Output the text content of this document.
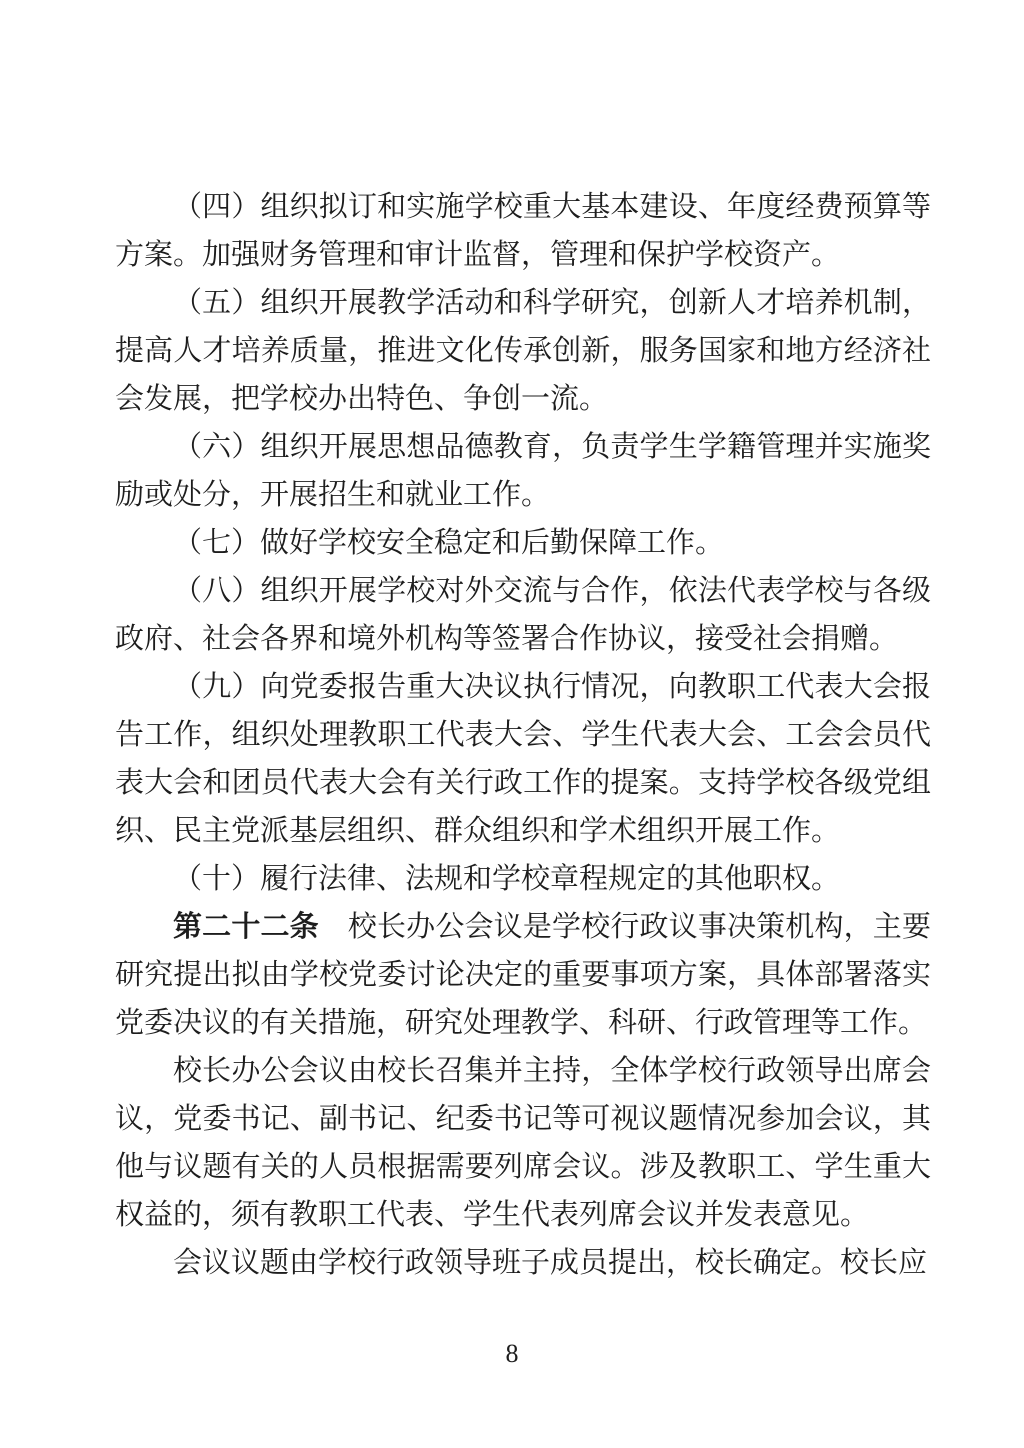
（四）组织拟订和实施学校重大基本建设、年度经费预算等方案。加强财务管理和审计监督，管理和保护学校资产。

（五）组织开展教学活动和科学研究，创新人才培养机制，提高人才培养质量，推进文化传承创新，服务国家和地方经济社会发展，把学校办出特色、争创一流。

（六）组织开展思想品德教育，负责学生学籍管理并实施奖励或处分，开展招生和就业工作。

（七）做好学校安全稳定和后勤保障工作。

（八）组织开展学校对外交流与合作，依法代表学校与各级政府、社会各界和境外机构等签署合作协议，接受社会捐赠。

（九）向党委报告重大决议执行情况，向教职工代表大会报告工作，组织处理教职工代表大会、学生代表大会、工会会员代表大会和团员代表大会有关行政工作的提案。支持学校各级党组织、民主党派基层组织、群众组织和学术组织开展工作。

（十）履行法律、法规和学校章程规定的其他职权。

第二十二条 校长办公会议是学校行政议事决策机构，主要研究提出拟由学校党委讨论决定的重要事项方案，具体部署落实党委决议的有关措施，研究处理教学、科研、行政管理等工作。

校长办公会议由校长召集并主持，全体学校行政领导出席会议，党委书记、副书记、纪委书记等可视议题情况参加会议，其他与议题有关的人员根据需要列席会议。涉及教职工、学生重大权益的，须有教职工代表、学生代表列席会议并发表意见。

会议议题由学校行政领导班子成员提出，校长确定。校长应

8
